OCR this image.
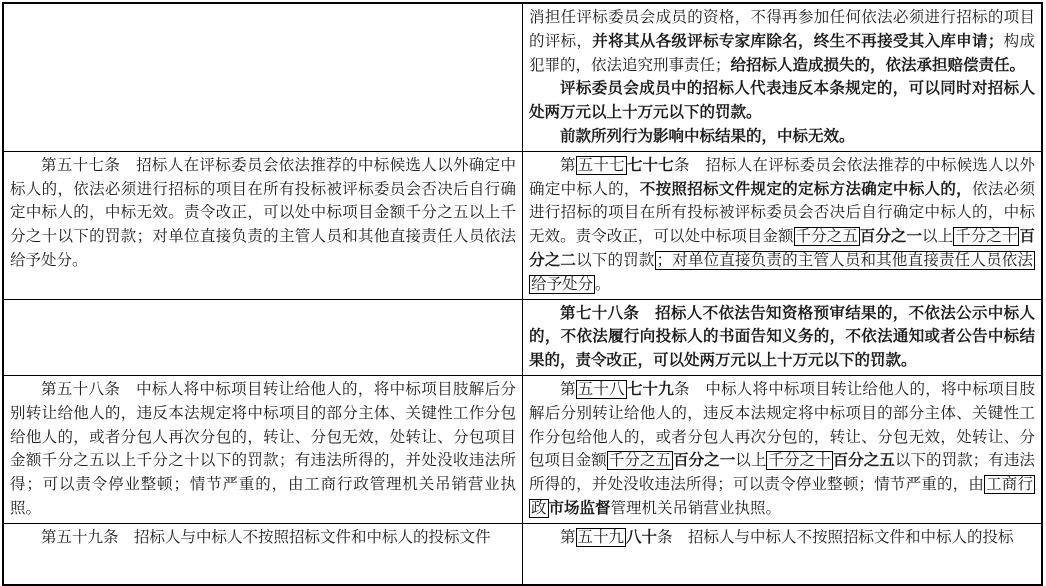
	消担任评标委员会成员的资格，不得再参加任何依法必须进行招标的项目的评标，并将其从各级评标专家库除名，终生不再接受其入库申请；构成犯罪的，依法追究刑事责任；给招标人造成损失的，依法承担赔偿责任。
评标委员会成员中的招标人代表违反本条规定的，可以同时对招标人处两万元以上十万元以下的罚款。
前款所列行为影响中标结果的，中标无效。

第五十七条　招标人在评标委员会依法推荐的中标候选人以外确定中标人的，依法必须进行招标的项目在所有投标被评标委员会否决后自行确定中标人的，中标无效。责令改正，可以处中标项目金额千分之五以上千分之十以下的罚款；对单位直接负责的主管人员和其他直接责任人员依法给予处分。	第 五十七 七十七条　招标人在评标委员会依法推荐的中标候选人以外确定中标人的，不按照招标文件规定的定标方法确定中标人的，依法必须进行招标的项目在所有投标被评标委员会否决后自行确定中标人的，中标无效。责令改正，可以处中标项目金额 千分之五 百分之一以上 千分之十 百分之二以下的罚款 ；对单位直接负责的主管人员和其他直接责任人员依法给予处分 。

	第七十八条　招标人不依法告知资格预审结果的，不依法公示中标人的，不依法履行向投标人的书面告知义务的，不依法通知或者公告中标结果的，责令改正，可以处两万元以上十万元以下的罚款。

第五十八条　中标人将中标项目转让给他人的，将中标项目肢解后分别转让给他人的，违反本法规定将中标项目的部分主体、关键性工作分包给他人的，或者分包人再次分包的，转让、分包无效，处转让、分包项目金额千分之五以上千分之十以下的罚款；有违法所得的，并处没收违法所得；可以责令停业整顿；情节严重的，由工商行政管理机关吊销营业执照。	第 五十八 七十九条　中标人将中标项目转让给他人的，将中标项目肢解后分别转让给他人的，违反本法规定将中标项目的部分主体、关键性工作分包给他人的，或者分包人再次分包的，转让、分包无效，处转让、分包项目金额 千分之五 百分之一以上 千分之十 百分之五以下的罚款；有违法所得的，并处没收违法所得；可以责令停业整顿；情节严重的，由 工商行政 市场监督管理机关吊销营业执照。

第五十九条　招标人与中标人不按照招标文件和中标人的投标文件	第 五十九 八十条　招标人与中标人不按照招标文件和中标人的投标
